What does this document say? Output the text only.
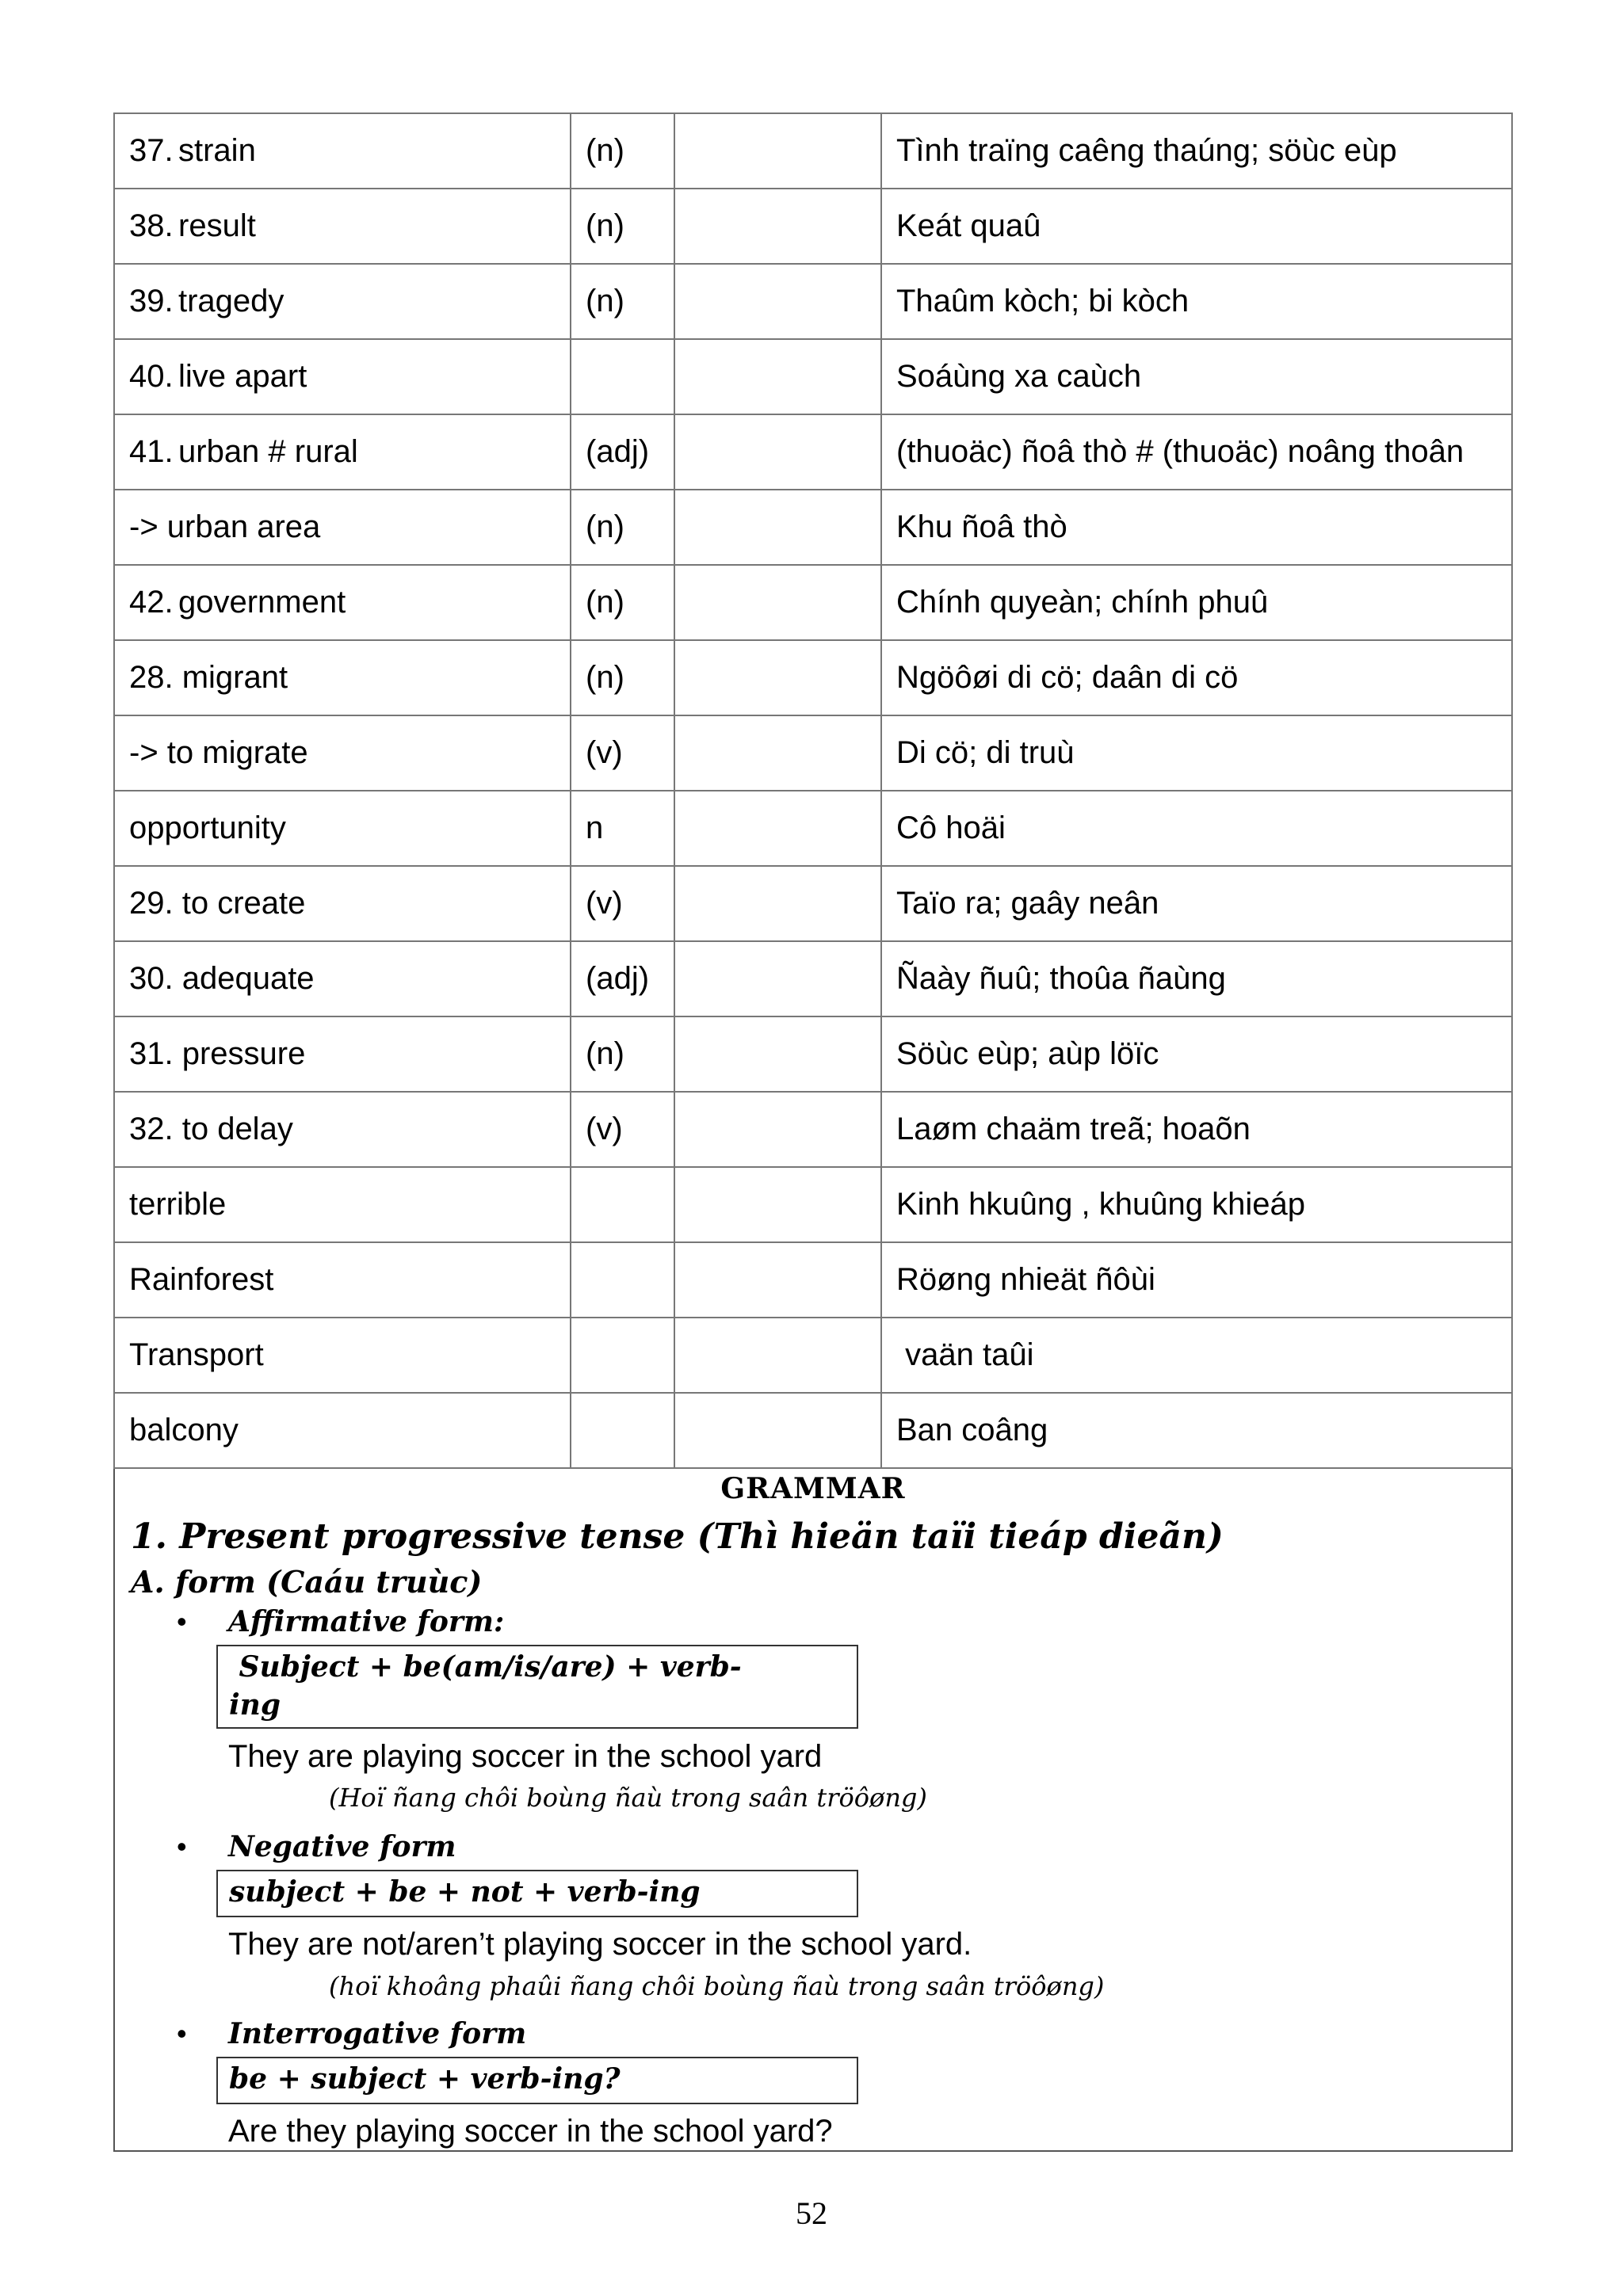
37. strain	(n)		Tình traïng caêng thaúng; söùc eùp
38. result	(n)		Keát quaû
39. tragedy	(n)		Thaûm kòch; bi kòch
40. live apart			Soáùng xa caùch
41. urban # rural	(adj)		(thuoäc) ñoâ thò # (thuoäc) noâng thoân
-> urban area	(n)		Khu ñoâ thò
42. government	(n)		Chính quyeàn; chính phuû
28. migrant	(n)		Ngöôøi di cö; daân di cö
-> to migrate	(v)		Di cö; di truù
opportunity	n		Cô hoäi
29. to create	(v)		Taïo ra; gaây neân
30. adequate	(adj)		Ñaày ñuû; thoûa ñaùng
31. pressure	(n)		Söùc eùp; aùp löïc
32. to delay	(v)		Laøm chaäm treã; hoaõn
terrible			Kinh hkuûng , khuûng khieáp
Rainforest			Röøng nhieät ñôùi
Transport			vaän taûi
balcony			Ban coâng
GRAMMAR
1. Present progressive tense (Thì hieän taïi tieáp dieãn)
A. form (Caáu truùc)
• Affirmative form:
Subject + be(am/is/are) + verb-
ing
They are playing soccer in the school yard
(Hoï ñang chôi boùng ñaù trong saân tröôøng)
• Negative form
subject + be + not + verb-ing
They are not/aren’t playing soccer in the school yard.
(hoï khoâng phaûi ñang chôi boùng ñaù trong saân tröôøng)
• Interrogative form
be + subject + verb-ing?
Are they playing soccer in the school yard?
52
